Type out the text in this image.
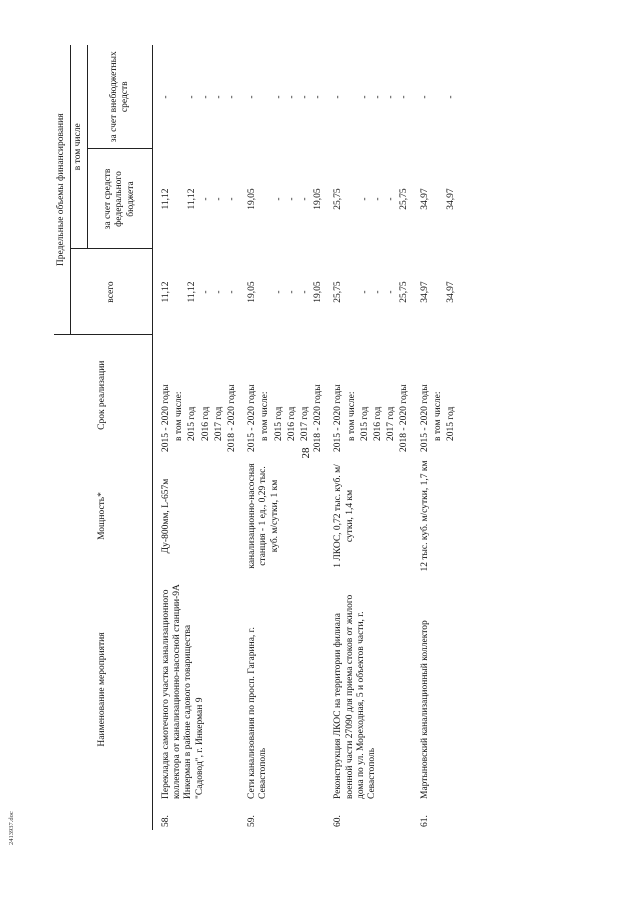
28
	Наименование мероприятия	Мощность*	Срок реализации	Предельные объемы финансирования		
				всего	в том числе	
					за счет средств федерального бюджета	за счет внебюджетных средств
58.	Перекладка самотечного участка канализационного коллектора от канализационно-насосной станции-9А Инкерман в районе садового товарищества "Садовод", г. Инкерман 9	Ду-800мм, L-657м	2015 - 2020 годы	11,12	11,12	-
			в том числе:			
			2015 год	11,12	11,12	-
			2016 год	-	-	-
			2017 год	-	-	-
			2018 - 2020 годы	-	-	-
59.	Сети канализования по просп. Гагарина, г. Севастополь	канализационно-насосная станция - 1 ед., 0,29 тыс. куб. м/сутки, 1 км	2015 - 2020 годы	19,05	19,05	-
			в том числе:			
			2015 год	-	-	-
			2016 год	-	-	-
			2017 год	-	-	-
			2018 - 2020 годы	19,05	19,05	-
60.	Реконструкция ЛКОС на территории филиала военной части 27090 для приема стоков от жилого дома по ул. Мореходная, 5 и объектов части, г. Севастополь	1 ЛКОС, 0,72 тыс. куб. м/сутки, 1,4 км	2015 - 2020 годы	25,75	25,75	-
			в том числе:			
			2015 год	-	-	-
			2016 год	-	-	-
			2017 год	-	-	-
			2018 - 2020 годы	25,75	25,75	-
61.	Мартыновский канализационный коллектор	12 тыс. куб. м/сутки, 1,7 км	2015 - 2020 годы	34,97	34,97	-
			в том числе:			
			2015 год	34,97	34,97	-
2413937.doc
